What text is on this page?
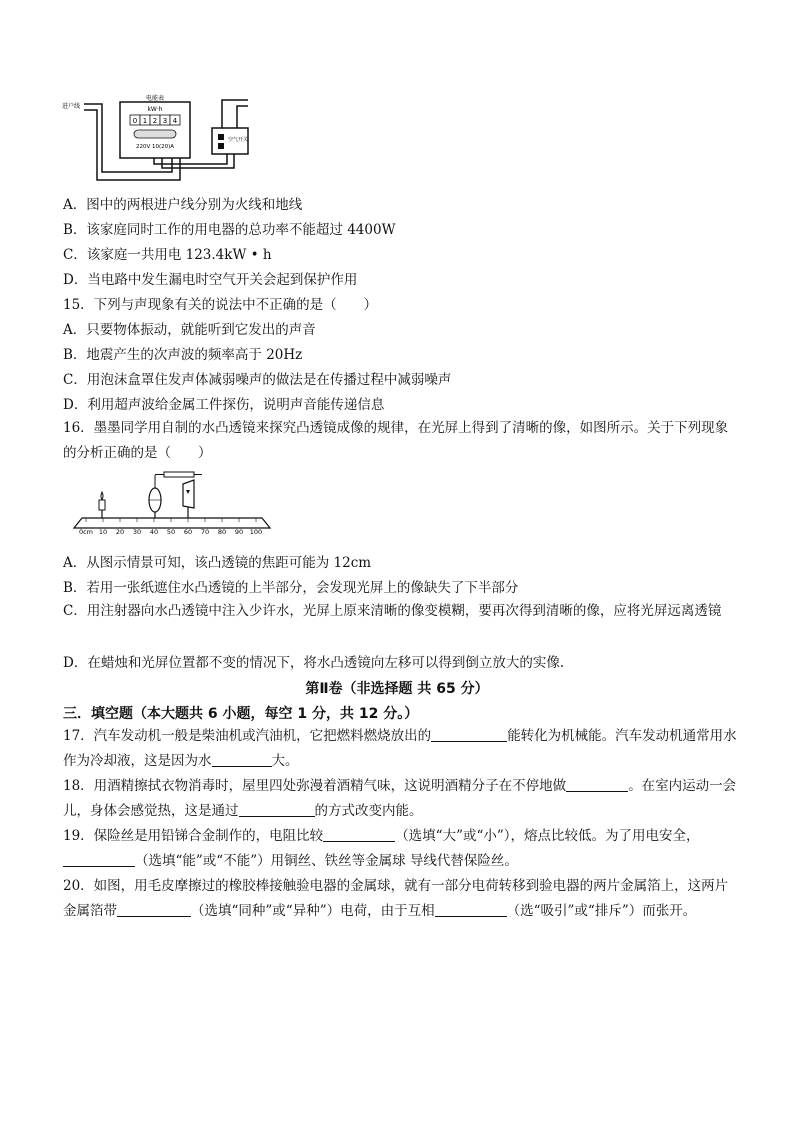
电能表
kW·h
0 1 2 3 4
220V 10(20)A
进户线
空气开关
A．图中的两根进户线分别为火线和地线
B．该家庭同时工作的用电器的总功率不能超过 4400W
C．该家庭一共用电 123.4kW • h
D．当电路中发生漏电时空气开关会起到保护作用
15．下列与声现象有关的说法中不正确的是（　　）
A．只要物体振动，就能听到它发出的声音
B．地震产生的次声波的频率高于 20Hz
C．用泡沫盒罩住发声体减弱噪声的做法是在传播过程中减弱噪声
D．利用超声波给金属工件探伤，说明声音能传递信息
16．墨墨同学用自制的水凸透镜来探究凸透镜成像的规律，在光屏上得到了清晰的像，如图所示。关于下列现象的分析正确的是（　　）
0cm 10 20 30 40 50 60 70 80 90 100
A．从图示情景可知，该凸透镜的焦距可能为 12cm
B．若用一张纸遮住水凸透镜的上半部分，会发现光屏上的像缺失了下半部分
C．用注射器向水凸透镜中注入少许水，光屏上原来清晰的像变模糊，要再次得到清晰的像，应将光屏远离透镜
D．在蜡烛和光屏位置都不变的情况下，将水凸透镜向左移可以得到倒立放大的实像.
第Ⅱ卷（非选择题 共 65 分）
三．填空题（本大题共 6 小题，每空 1 分，共 12 分。）
17．汽车发动机一般是柴油机或汽油机，它把燃料燃烧放出的	能转化为机械能。汽车发动机通常用水作为冷却液，这是因为水	大。
18．用酒精擦拭衣物消毒时，屋里四处弥漫着酒精气味，这说明酒精分子在不停地做	。在室内运动一会儿，身体会感觉热，这是通过	的方式改变内能。
19．保险丝是用铅锑合金制作的，电阻比较	（选填“大”或“小”），熔点比较低。为了用电安全，（选填“能”或“不能”）用铜丝、铁丝等金属球 导线代替保险丝。
20．如图，用毛皮摩擦过的橡胶棒接触验电器的金属球，就有一部分电荷转移到验电器的两片金属箔上，这两片金属箔带	（选填“同种”或“异种”）电荷，由于互相	（选“吸引”或“排斥”）而张开。
